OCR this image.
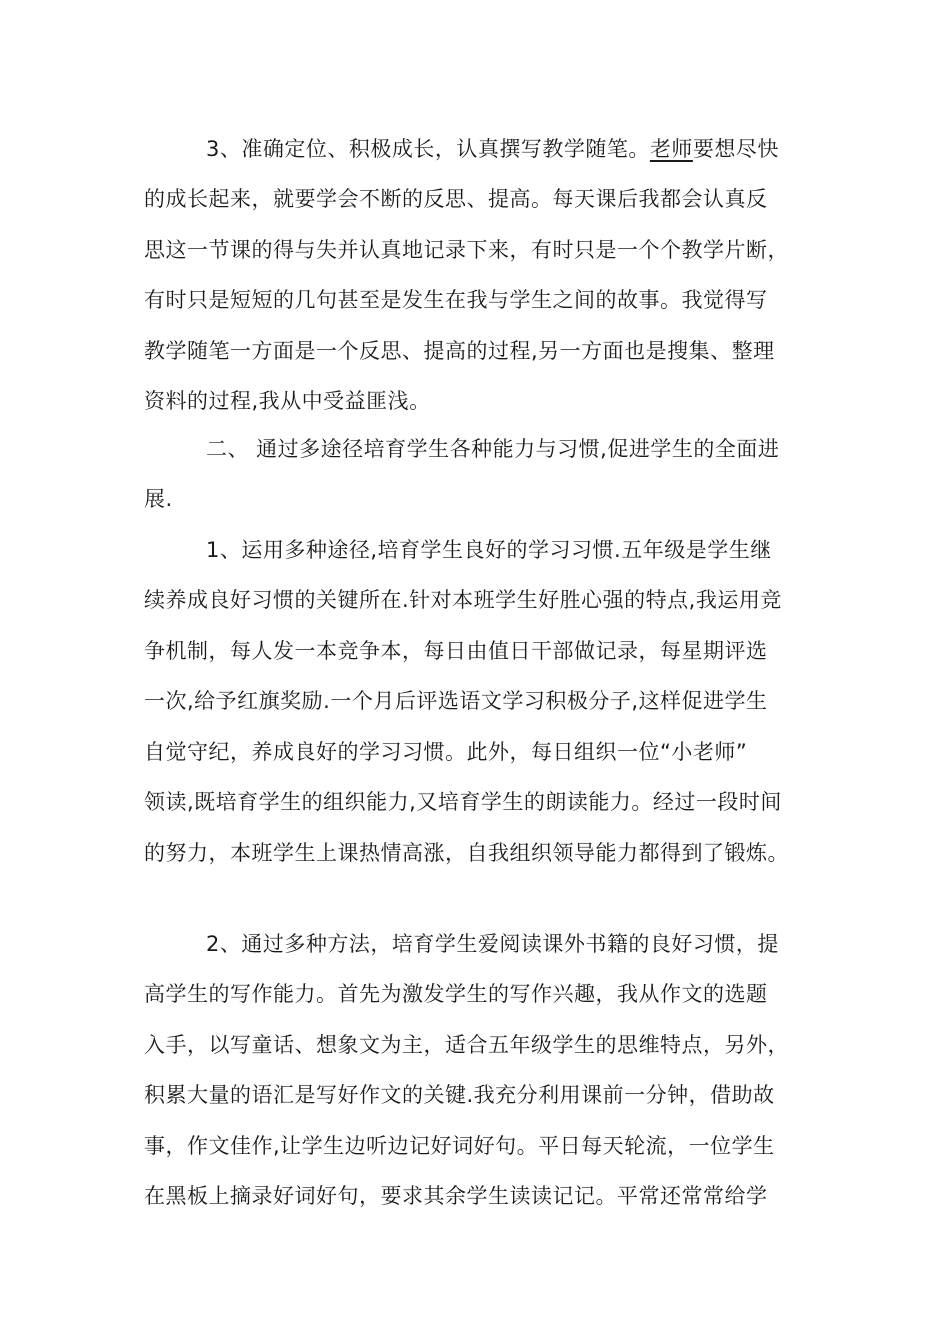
3、准确定位、积极成长，认真撰写教学随笔。老师要想尽快
的成长起来，就要学会不断的反思、提高。每天课后我都会认真反
思这一节课的得与失并认真地记录下来，有时只是一个个教学片断，
有时只是短短的几句甚至是发生在我与学生之间的故事。我觉得写
教学随笔一方面是一个反思、提高的过程,另一方面也是搜集、整理
资料的过程,我从中受益匪浅。
二、 通过多途径培育学生各种能力与习惯,促进学生的全面进
展.
1、运用多种途径,培育学生良好的学习习惯.五年级是学生继
续养成良好习惯的关键所在.针对本班学生好胜心强的特点,我运用竞
争机制，每人发一本竞争本，每日由值日干部做记录，每星期评选
一次,给予红旗奖励.一个月后评选语文学习积极分子,这样促进学生
自觉守纪，养成良好的学习习惯。此外，每日组织一位“小老师”
领读,既培育学生的组织能力,又培育学生的朗读能力。经过一段时间
的努力，本班学生上课热情高涨，自我组织领导能力都得到了锻炼。
2、通过多种方法，培育学生爱阅读课外书籍的良好习惯，提
高学生的写作能力。首先为激发学生的写作兴趣，我从作文的选题
入手，以写童话、想象文为主，适合五年级学生的思维特点，另外，
积累大量的语汇是写好作文的关键.我充分利用课前一分钟，借助故
事，作文佳作,让学生边听边记好词好句。平日每天轮流，一位学生
在黑板上摘录好词好句，要求其余学生读读记记。平常还常常给学
